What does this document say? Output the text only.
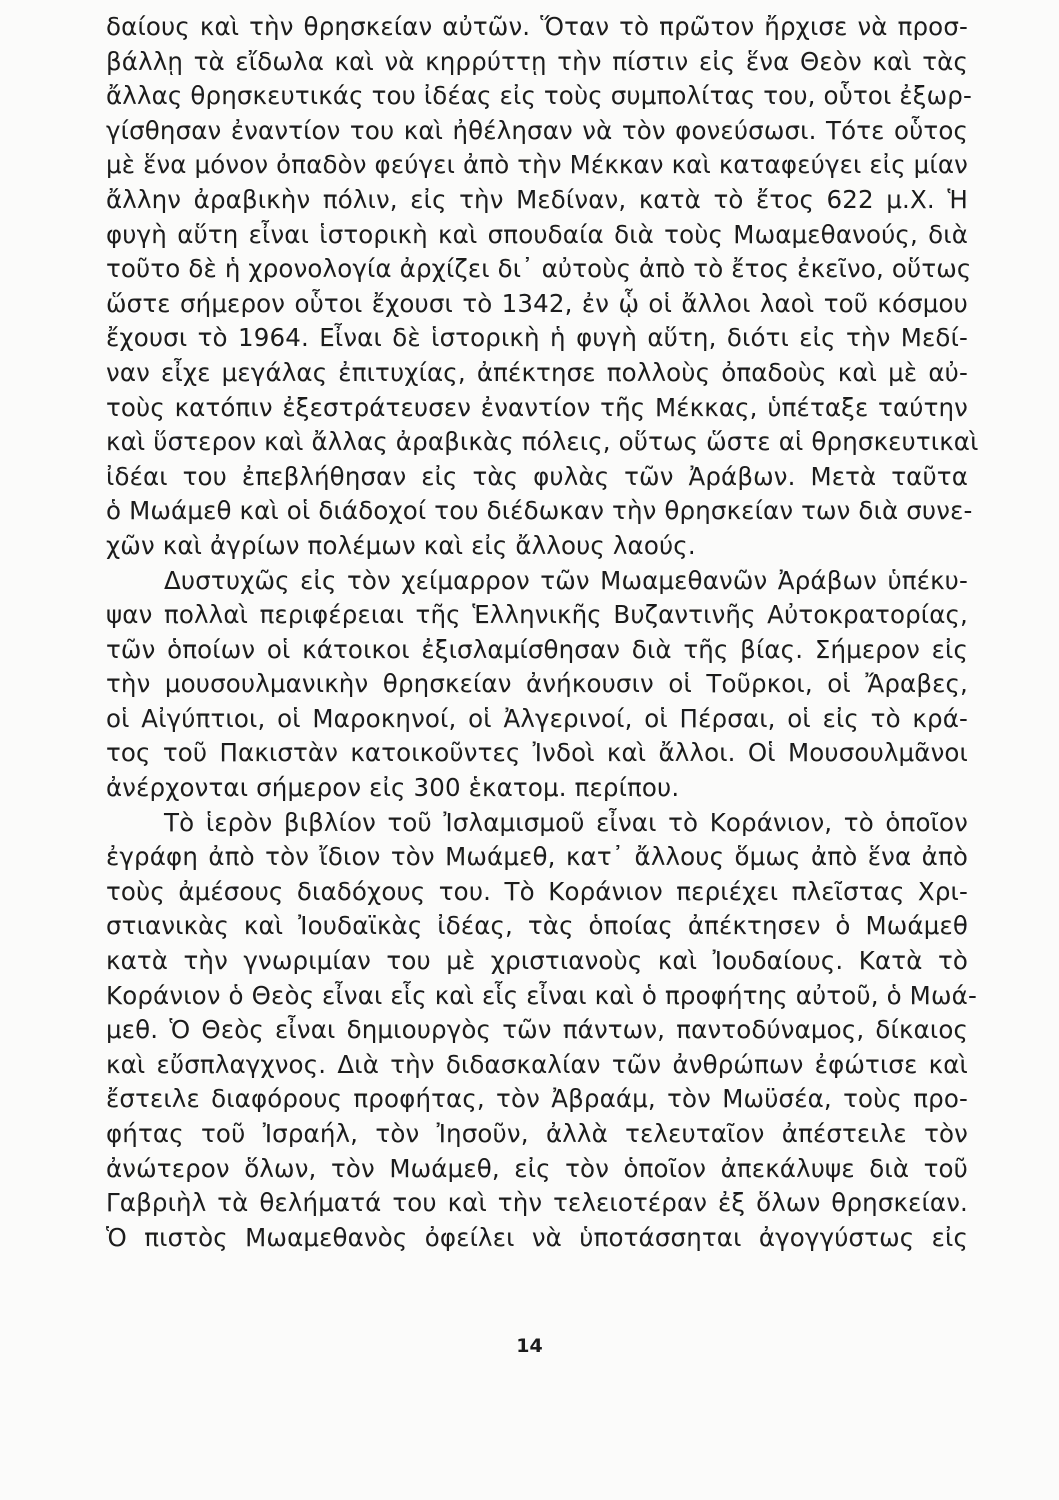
δαίους καὶ τὴν θρησκείαν αὐτῶν. Ὅταν τὸ πρῶτον ἤρχισε νὰ προσ-
βάλλῃ τὰ εἴδωλα καὶ νὰ κηρρύττῃ τὴν πίστιν εἰς ἕνα Θεὸν καὶ τὰς
ἄλλας θρησκευτικάς του ἰδέας εἰς τοὺς συμπολίτας του, οὗτοι ἐξωρ-
γίσθησαν ἐναντίον του καὶ ἠθέλησαν νὰ τὸν φονεύσωσι. Τότε οὗτος
μὲ ἕνα μόνον ὀπαδὸν φεύγει ἀπὸ τὴν Μέκκαν καὶ καταφεύγει εἰς μίαν
ἄλλην ἀραβικὴν πόλιν, εἰς τὴν Μεδίναν, κατὰ τὸ ἔτος 622 μ.Χ. Ἡ
φυγὴ αὕτη εἶναι ἱστορικὴ καὶ σπουδαία διὰ τοὺς Μωαμεθανούς, διὰ
τοῦτο δὲ ἡ χρονολογία ἀρχίζει δι᾽ αὐτοὺς ἀπὸ τὸ ἔτος ἐκεῖνο, οὕτως
ὥστε σήμερον οὗτοι ἔχουσι τὸ 1342, ἐν ᾧ οἱ ἄλλοι λαοὶ τοῦ κόσμου
ἔχουσι τὸ 1964. Εἶναι δὲ ἱστορικὴ ἡ φυγὴ αὕτη, διότι εἰς τὴν Μεδί-
ναν εἶχε μεγάλας ἐπιτυχίας, ἀπέκτησε πολλοὺς ὀπαδοὺς καὶ μὲ αὐ-
τοὺς κατόπιν ἐξεστράτευσεν ἐναντίον τῆς Μέκκας, ὑπέταξε ταύτην
καὶ ὕστερον καὶ ἄλλας ἀραβικὰς πόλεις, οὕτως ὥστε αἱ θρησκευτικαὶ
ἰδέαι του ἐπεβλήθησαν εἰς τὰς φυλὰς τῶν Ἀράβων. Μετὰ ταῦτα
ὁ Μωάμεθ καὶ οἱ διάδοχοί του διέδωκαν τὴν θρησκείαν των διὰ συνε-
χῶν καὶ ἀγρίων πολέμων καὶ εἰς ἄλλους λαούς.
Δυστυχῶς εἰς τὸν χείμαρρον τῶν Μωαμεθανῶν Ἀράβων ὑπέκυ-
ψαν πολλαὶ περιφέρειαι τῆς Ἑλληνικῆς Βυζαντινῆς Αὐτοκρατορίας,
τῶν ὁποίων οἱ κάτοικοι ἐξισλαμίσθησαν διὰ τῆς βίας. Σήμερον εἰς
τὴν μουσουλμανικὴν θρησκείαν ἀνήκουσιν οἱ Τοῦρκοι, οἱ Ἄραβες,
οἱ Αἰγύπτιοι, οἱ Μαροκηνοί, οἱ Ἀλγερινοί, οἱ Πέρσαι, οἱ εἰς τὸ κρά-
τος τοῦ Πακιστὰν κατοικοῦντες Ἰνδοὶ καὶ ἄλλοι. Οἱ Μουσουλμᾶνοι
ἀνέρχονται σήμερον εἰς 300 ἑκατομ. περίπου.
Τὸ ἱερὸν βιβλίον τοῦ Ἰσλαμισμοῦ εἶναι τὸ Κοράνιον, τὸ ὁποῖον
ἐγράφη ἀπὸ τὸν ἴδιον τὸν Μωάμεθ, κατ᾽ ἄλλους ὅμως ἀπὸ ἕνα ἀπὸ
τοὺς ἀμέσους διαδόχους του. Τὸ Κοράνιον περιέχει πλεῖστας Χρι-
στιανικὰς καὶ Ἰουδαϊκὰς ἰδέας, τὰς ὁποίας ἀπέκτησεν ὁ Μωάμεθ
κατὰ τὴν γνωριμίαν του μὲ χριστιανοὺς καὶ Ἰουδαίους. Κατὰ τὸ
Κοράνιον ὁ Θεὸς εἶναι εἷς καὶ εἷς εἶναι καὶ ὁ προφήτης αὐτοῦ, ὁ Μωά-
μεθ. Ὁ Θεὸς εἶναι δημιουργὸς τῶν πάντων, παντοδύναμος, δίκαιος
καὶ εὔσπλαγχνος. Διὰ τὴν διδασκαλίαν τῶν ἀνθρώπων ἐφώτισε καὶ
ἔστειλε διαφόρους προφήτας, τὸν Ἀβραάμ, τὸν Μωϋσέα, τοὺς προ-
φήτας τοῦ Ἰσραήλ, τὸν Ἰησοῦν, ἀλλὰ τελευταῖον ἀπέστειλε τὸν
ἀνώτερον ὅλων, τὸν Μωάμεθ, εἰς τὸν ὁποῖον ἀπεκάλυψε διὰ τοῦ
Γαβριὴλ τὰ θελήματά του καὶ τὴν τελειοτέραν ἐξ ὅλων θρησκείαν.
Ὁ πιστὸς Μωαμεθανὸς ὀφείλει νὰ ὑποτάσσηται ἀγογγύστως εἰς
14
